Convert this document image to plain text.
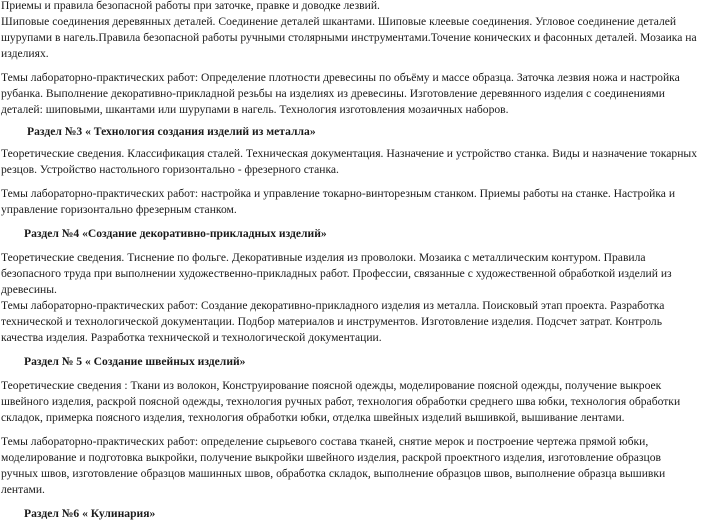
Приемы и правила безопасной работы при заточке, правке и доводке лезвий.

Шиповые соединения деревянных деталей. Соединение деталей шкантами. Шиповые клеевые соединения. Угловое соединение деталей шурупами в нагель.Правила безопасной работы ручными столярными инструментами.Точение конических и фасонных деталей. Мозаика на изделиях.

Темы лабораторно-практических работ: Определение плотности древесины по объёму и массе образца. Заточка лезвия ножа и настройка рубанка. Выполнение декоративно-прикладной резьбы на изделиях из древесины. Изготовление деревянного изделия с соединениями деталей: шиповыми, шкантами или шурупами в нагель. Технология изготовления мозаичных наборов.

Раздел №3 « Технология создания изделий из металла»

Теоретические сведения. Классификация сталей. Техническая документация. Назначение и устройство станка. Виды и назначение токарных резцов. Устройство настольного горизонтально - фрезерного станка.

Темы лабораторно-практических работ: настройка и управление токарно-винторезным станком. Приемы работы на станке. Настройка и управление горизонтально фрезерным станком.

Раздел №4 «Создание декоративно-прикладных изделий»

Теоретические сведения. Тиснение по фольге. Декоративные изделия из проволоки. Мозаика с металлическим контуром. Правила безопасного труда при выполнении художественно-прикладных работ. Профессии, связанные с художественной обработкой изделий из древесины.

Темы лабораторно-практических работ: Создание декоративно-прикладного изделия из металла. Поисковый этап проекта. Разработка технической и технологической документации. Подбор материалов и инструментов. Изготовление изделия. Подсчет затрат. Контроль качества изделия. Разработка технической и технологической документации.

Раздел № 5 « Создание швейных изделий»

Теоретические сведения : Ткани из волокон, Конструирование поясной одежды, моделирование поясной одежды, получение выкроек швейного изделия, раскрой поясной одежды, технология ручных работ, технология обработки среднего шва юбки, технология обработки складок, примерка поясного изделия, технология обработки юбки, отделка швейных изделий вышивкой, вышивание лентами.

Темы лабораторно-практических работ: определение сырьевого состава тканей, снятие мерок и построение чертежа прямой юбки, моделирование и подготовка выкройки, получение выкройки швейного изделия, раскрой проектного изделия, изготовление образцов ручных швов, изготовление образцов машинных швов, обработка складок, выполнение образцов швов, выполнение образца вышивки лентами.

Раздел №6 « Кулинария»
